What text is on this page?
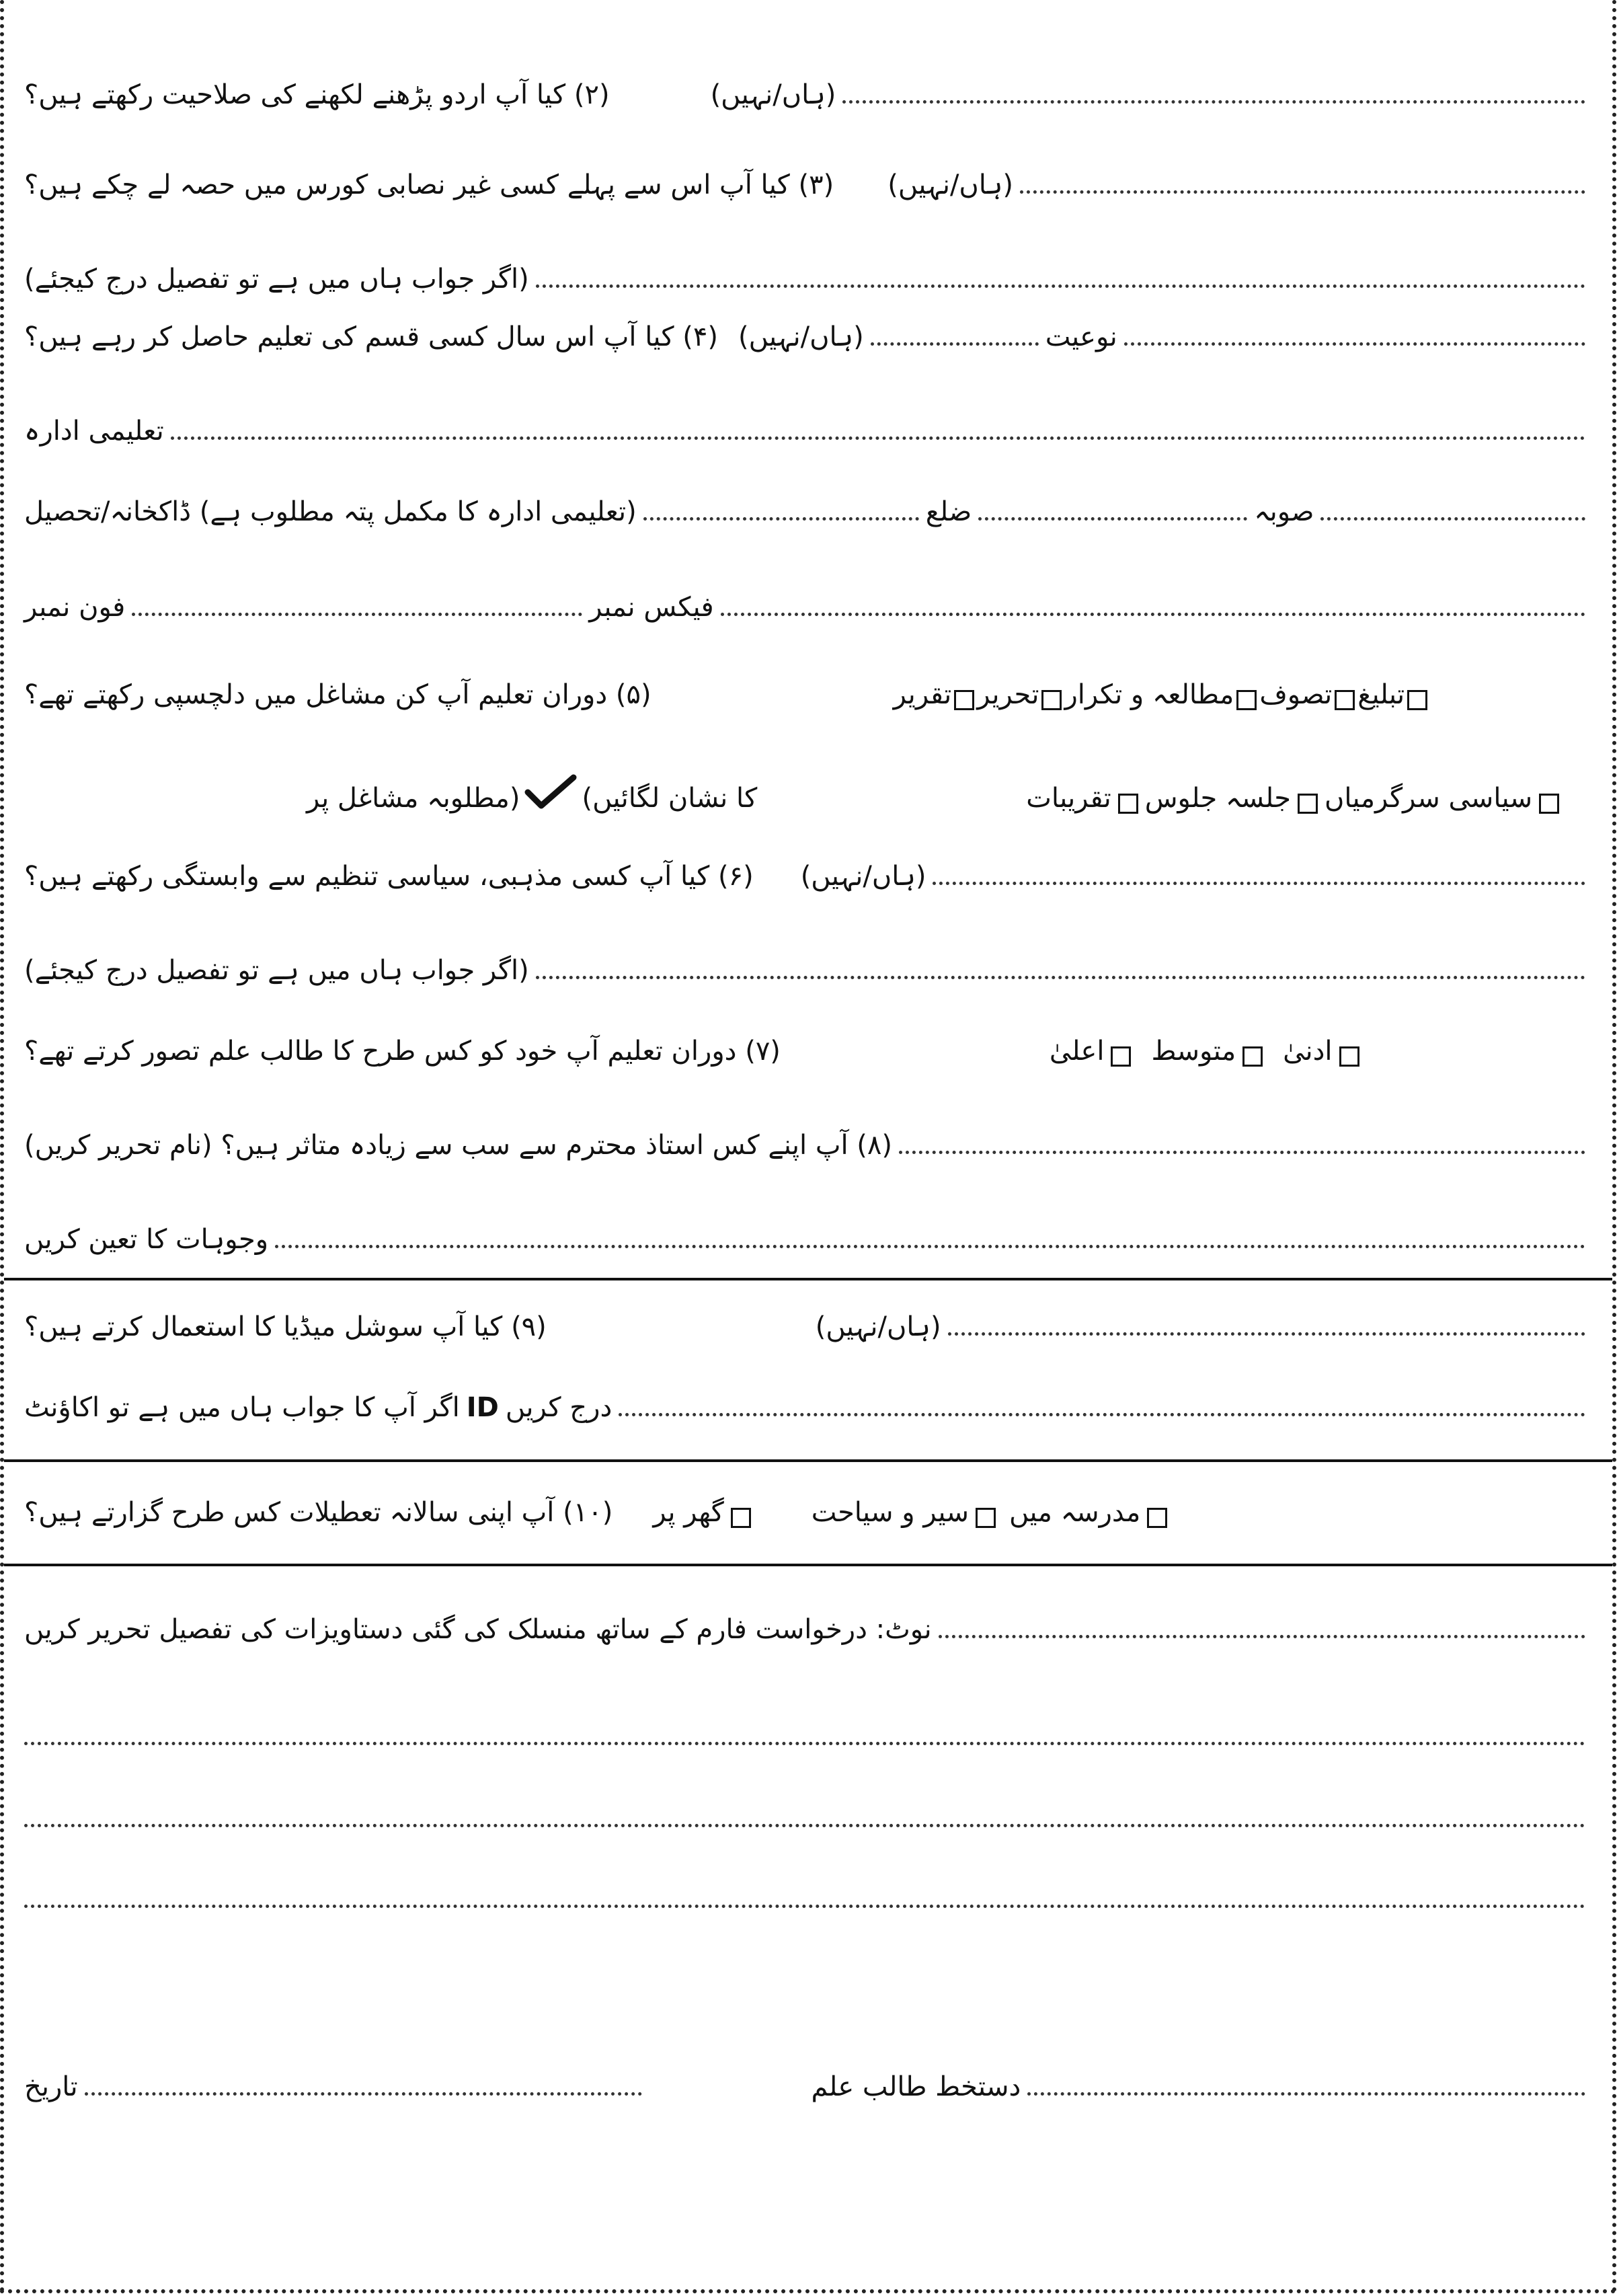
(۲) کیا آپ اردو پڑھنے لکھنے کی صلاحیت رکھتے ہیں؟	(ہاں/نہیں)
(۳) کیا آپ اس سے پہلے کسی غیر نصابی کورس میں حصہ لے چکے ہیں؟ (ہاں/نہیں)
(اگر جواب ہاں میں ہے تو تفصیل درج کیجئے)
(۴) کیا آپ اس سال کسی قسم کی تعلیم حاصل کر رہے ہیں؟ (ہاں/نہیں)	نوعیت
تعلیمی ادارہ
(تعلیمی ادارہ کا مکمل پتہ مطلوب ہے) ڈاکخانہ/تحصیل	ضلع	صوبہ
فون نمبر	فیکس نمبر
(۵) دوران تعلیم آپ کن مشاغل میں دلچسپی رکھتے تھے؟	تقریر تحریر مطالعہ و تکرار تصوف تبلیغ
(مطلوبہ مشاغل پر کا نشان لگائیں)	تقریبات جلسہ جلوس سیاسی سرگرمیاں
(۶) کیا آپ کسی مذہبی، سیاسی تنظیم سے وابستگی رکھتے ہیں؟ (ہاں/نہیں)
(اگر جواب ہاں میں ہے تو تفصیل درج کیجئے)
(۷) دوران تعلیم آپ خود کو کس طرح کا طالب علم تصور کرتے تھے؟	اعلیٰ متوسط ادنیٰ
(۸) آپ اپنے کس استاذ محترم سے سب سے زیادہ متاثر ہیں؟ (نام تحریر کریں)
وجوہات کا تعین کریں
(۹) کیا آپ سوشل میڈیا کا استعمال کرتے ہیں؟	(ہاں/نہیں)
اگر آپ کا جواب ہاں میں ہے تو اکاؤنٹ ID درج کریں
(۱۰) آپ اپنی سالانہ تعطیلات کس طرح گزارتے ہیں؟ گھر پر	سیر و سیاحت مدرسہ میں
نوٹ: درخواست فارم کے ساتھ منسلک کی گئی دستاویزات کی تفصیل تحریر کریں
تاریخ	دستخط طالب علم
